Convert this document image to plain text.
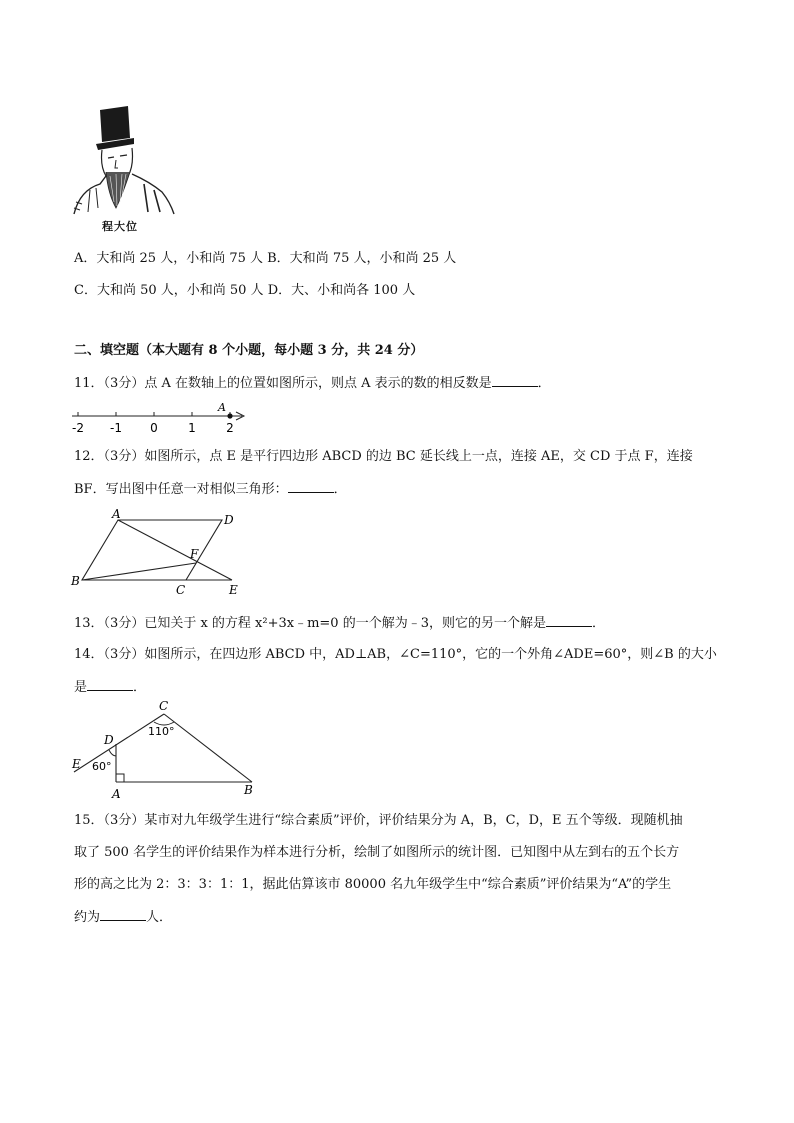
程大位
A．大和尚 25 人，小和尚 75 人 B．大和尚 75 人，小和尚 25 人
C．大和尚 50 人，小和尚 50 人 D．大、小和尚各 100 人
二、填空题（本大题有 8 个小题，每小题 3 分，共 24 分）
11．（3分）点 A 在数轴上的位置如图所示，则点 A 表示的数的相反数是	．
-2 -1 0	1	2
A
12．（3分）如图所示，点 E 是平行四边形 ABCD 的边 BC 延长线上一点，连接 AE，交 CD 于点 F，连接
BF．写出图中任意一对相似三角形：	．
A	D
B
C	E
F
13．（3分）已知关于 x 的方程 x²+3x﹣m=0 的一个解为﹣3，则它的另一个解是	．
14．（3分）如图所示，在四边形 ABCD 中，AD⊥AB，∠C=110°，它的一个外角∠ADE=60°，则∠B 的大小
是	．
C
110°
D
60°
E
A	B
15．（3分）某市对九年级学生进行“综合素质”评价，评价结果分为 A，B，C，D，E 五个等级．现随机抽
取了 500 名学生的评价结果作为样本进行分析，绘制了如图所示的统计图．已知图中从左到右的五个长方
形的高之比为 2：3：3：1：1，据此估算该市 80000 名九年级学生中“综合素质”评价结果为“A”的学生
约为	人．
